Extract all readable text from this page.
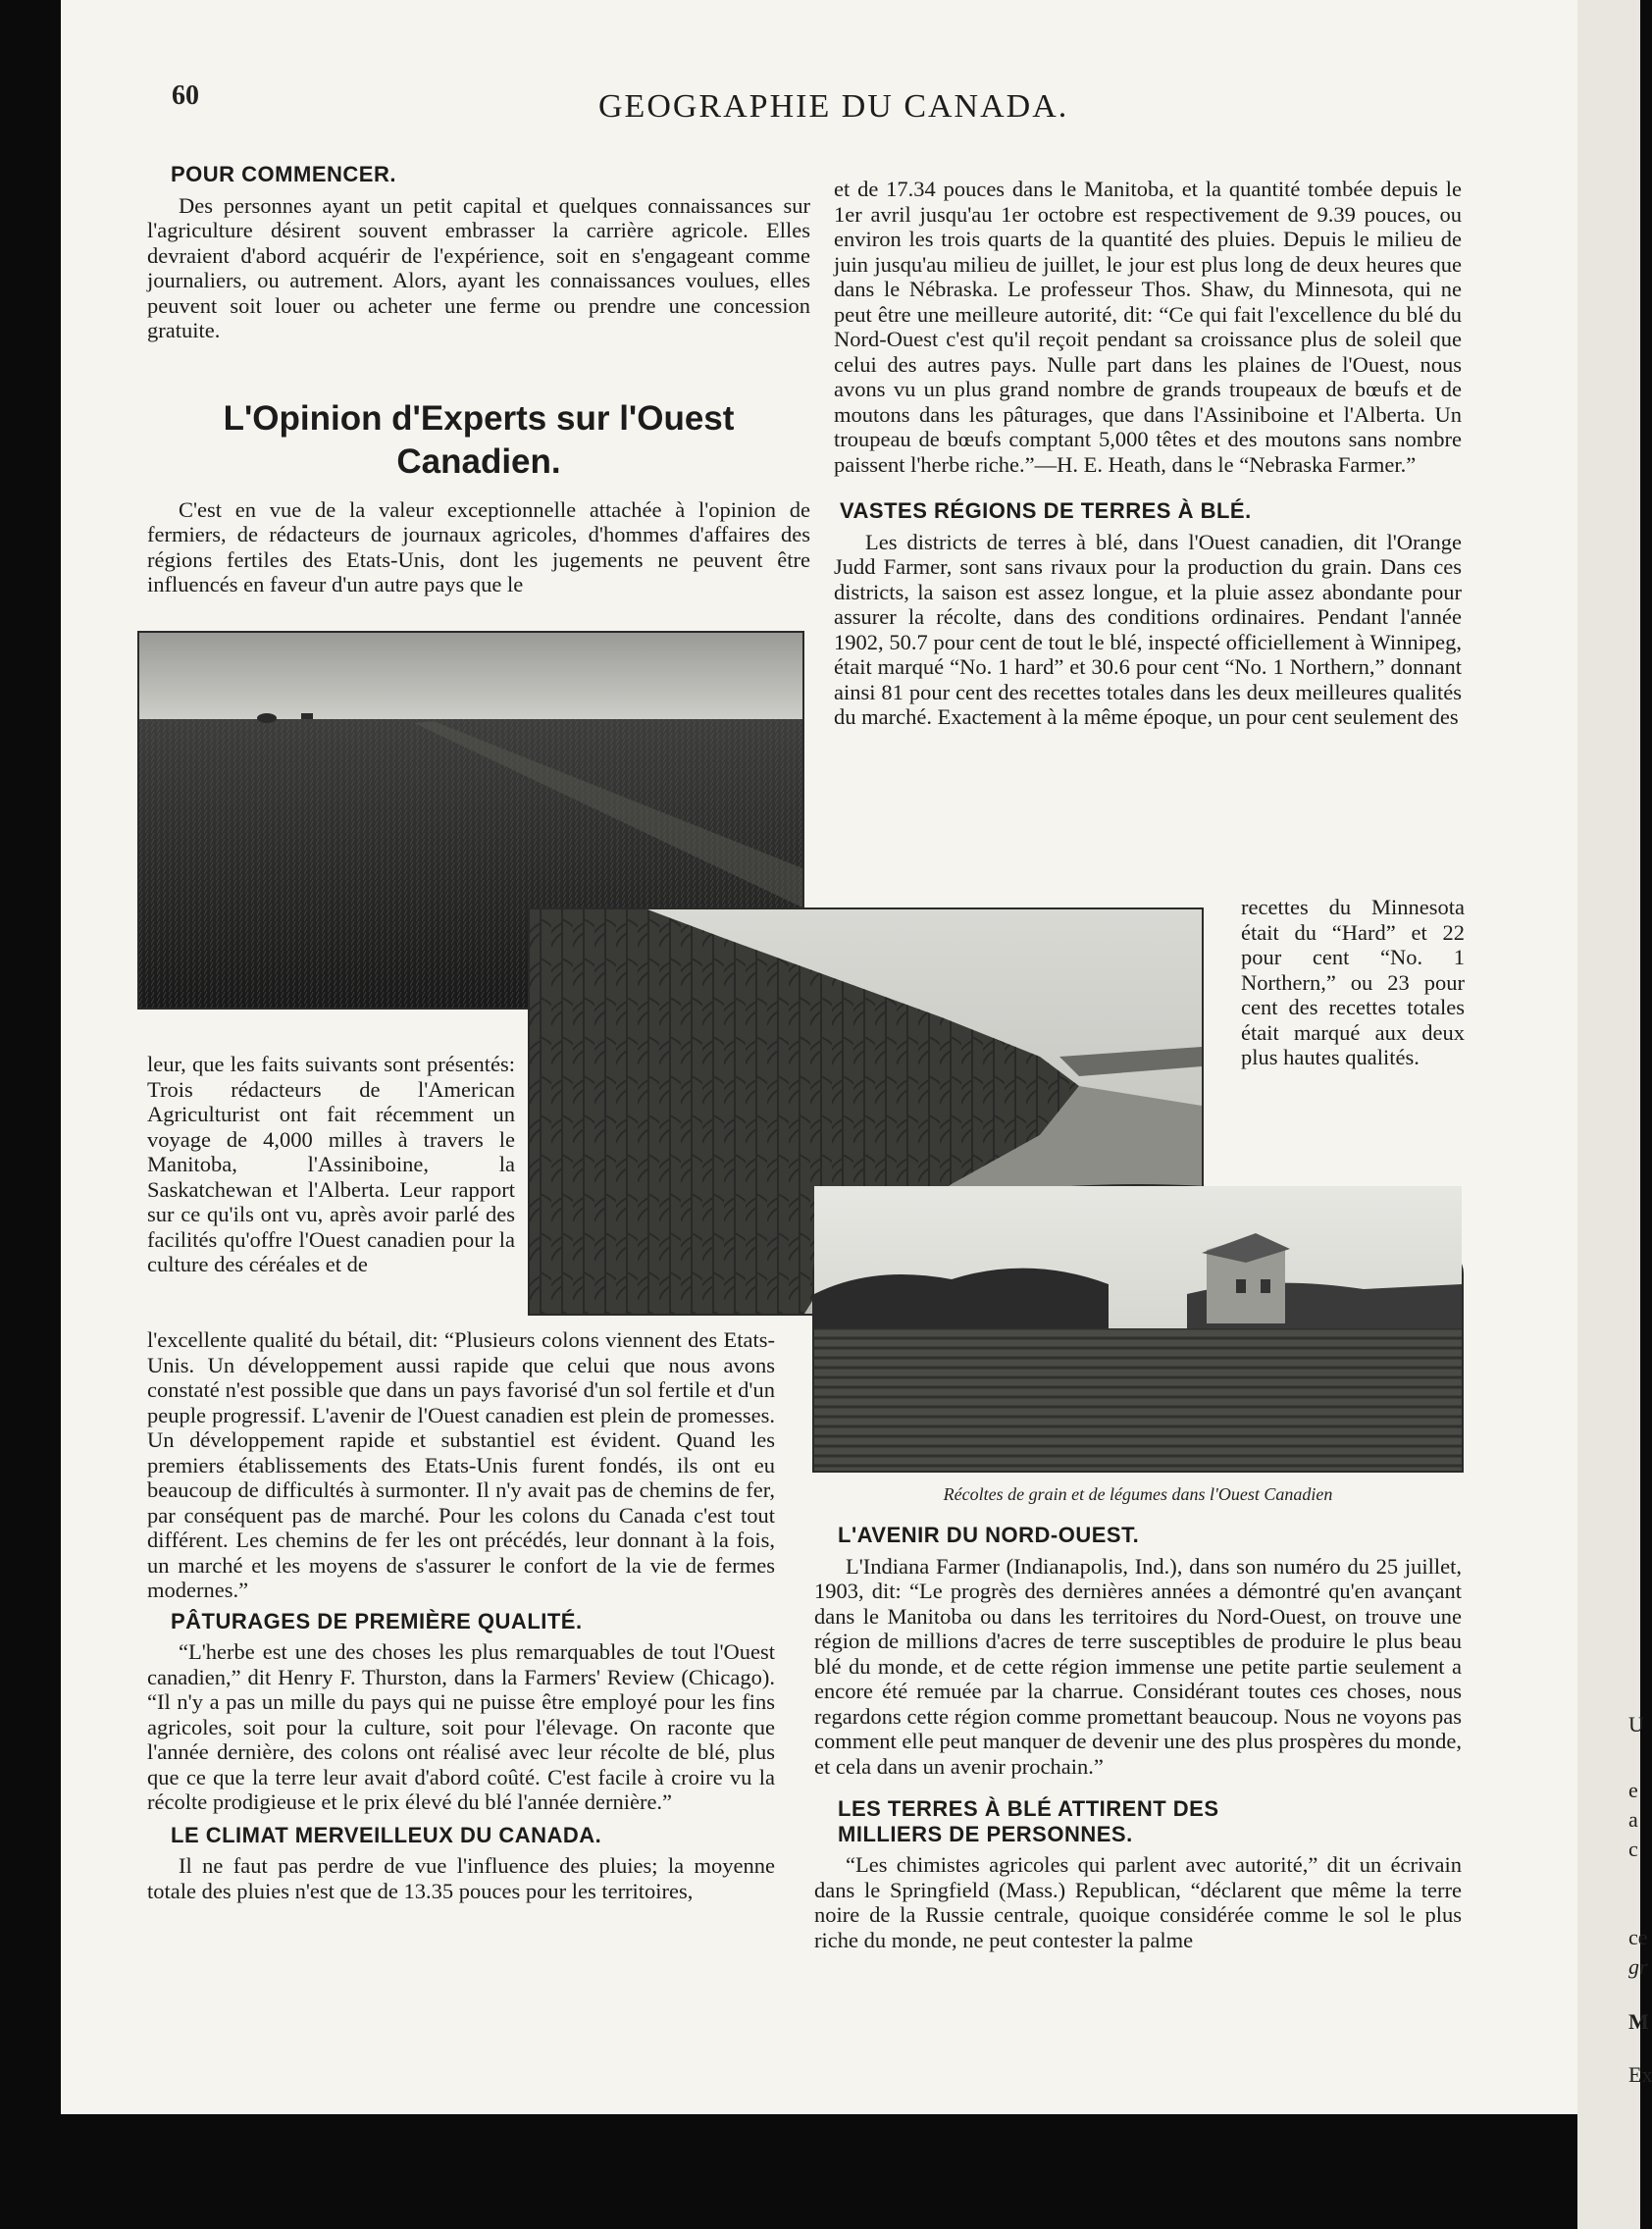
U
e
a
c
ce
gr
M
Ex
60	GEOGRAPHIE DU CANADA.
POUR COMMENCER.

Des personnes ayant un petit capital et quelques connaissances sur l'agriculture désirent souvent embrasser la carrière agricole. Elles devraient d'abord acquérir de l'expérience, soit en s'engageant comme journaliers, ou autrement. Alors, ayant les connaissances voulues, elles peuvent soit louer ou acheter une ferme ou prendre une concession gratuite.

L'Opinion d'Experts sur l'Ouest
Canadien.

C'est en vue de la valeur exceptionnelle attachée à l'opinion de fermiers, de rédacteurs de journaux agricoles, d'hommes d'affaires des régions fertiles des Etats-Unis, dont les jugements ne peuvent être influencés en faveur d'un autre pays que le

Récoltes de grain et de légumes dans l'Ouest Canadien

leur, que les faits suivants sont présentés: Trois rédacteurs de l'American Agriculturist ont fait récemment un voyage de 4,000 milles à travers le Manitoba, l'Assiniboine, la Saskatchewan et l'Alberta. Leur rapport sur ce qu'ils ont vu, après avoir parlé des facilités qu'offre l'Ouest canadien pour la culture des céréales et de

l'excellente qualité du bétail, dit: “Plusieurs colons viennent des Etats-Unis. Un développement aussi rapide que celui que nous avons constaté n'est possible que dans un pays favorisé d'un sol fertile et d'un peuple progressif. L'avenir de l'Ouest canadien est plein de promesses. Un développement rapide et substantiel est évident. Quand les premiers établissements des Etats-Unis furent fondés, ils ont eu beaucoup de difficultés à surmonter. Il n'y avait pas de chemins de fer, par conséquent pas de marché. Pour les colons du Canada c'est tout différent. Les chemins de fer les ont précédés, leur donnant à la fois, un marché et les moyens de s'assurer le confort de la vie de fermes modernes.”

PÂTURAGES DE PREMIÈRE QUALITÉ.

“L'herbe est une des choses les plus remarquables de tout l'Ouest canadien,” dit Henry F. Thurston, dans la Farmers' Review (Chicago). “Il n'y a pas un mille du pays qui ne puisse être employé pour les fins agricoles, soit pour la culture, soit pour l'élevage. On raconte que l'année dernière, des colons ont réalisé avec leur récolte de blé, plus que ce que la terre leur avait d'abord coûté. C'est facile à croire vu la récolte prodigieuse et le prix élevé du blé l'année dernière.”

LE CLIMAT MERVEILLEUX DU CANADA.

Il ne faut pas perdre de vue l'influence des pluies; la moyenne totale des pluies n'est que de 13.35 pouces pour les territoires,

et de 17.34 pouces dans le Manitoba, et la quantité tombée depuis le 1er avril jusqu'au 1er octobre est respectivement de 9.39 pouces, ou environ les trois quarts de la quantité des pluies. Depuis le milieu de juin jusqu'au milieu de juillet, le jour est plus long de deux heures que dans le Nébraska. Le professeur Thos. Shaw, du Minnesota, qui ne peut être une meilleure autorité, dit: “Ce qui fait l'excellence du blé du Nord-Ouest c'est qu'il reçoit pendant sa croissance plus de soleil que celui des autres pays. Nulle part dans les plaines de l'Ouest, nous avons vu un plus grand nombre de grands troupeaux de bœufs et de moutons dans les pâturages, que dans l'Assiniboine et l'Alberta. Un troupeau de bœufs comptant 5,000 têtes et des moutons sans nombre paissent l'herbe riche.”—H. E. Heath, dans le “Nebraska Farmer.”

VASTES RÉGIONS DE TERRES À BLÉ.

Les districts de terres à blé, dans l'Ouest canadien, dit l'Orange Judd Farmer, sont sans rivaux pour la production du grain. Dans ces districts, la saison est assez longue, et la pluie assez abondante pour assurer la récolte, dans des conditions ordinaires. Pendant l'année 1902, 50.7 pour cent de tout le blé, inspecté officiellement à Winnipeg, était marqué “No. 1 hard” et 30.6 pour cent “No. 1 Northern,” donnant ainsi 81 pour cent des recettes totales dans les deux meilleures qualités du marché. Exactement à la même époque, un pour cent seulement des

recettes du Minnesota était du “Hard” et 22 pour cent “No. 1 Northern,” ou 23 pour cent des recettes totales était marqué aux deux plus hautes qualités.

L'AVENIR DU NORD-OUEST.

L'Indiana Farmer (Indianapolis, Ind.), dans son numéro du 25 juillet, 1903, dit: “Le progrès des dernières années a démontré qu'en avançant dans le Manitoba ou dans les territoires du Nord-Ouest, on trouve une région de millions d'acres de terre susceptibles de produire le plus beau blé du monde, et de cette région immense une petite partie seulement a encore été remuée par la charrue. Considérant toutes ces choses, nous regardons cette région comme promettant beaucoup. Nous ne voyons pas comment elle peut manquer de devenir une des plus prospères du monde, et cela dans un avenir prochain.”

LES TERRES À BLÉ ATTIRENT DES
MILLIERS DE PERSONNES.

“Les chimistes agricoles qui parlent avec autorité,” dit un écrivain dans le Springfield (Mass.) Republican, “déclarent que même la terre noire de la Russie centrale, quoique considérée comme le sol le plus riche du monde, ne peut contester la palme
